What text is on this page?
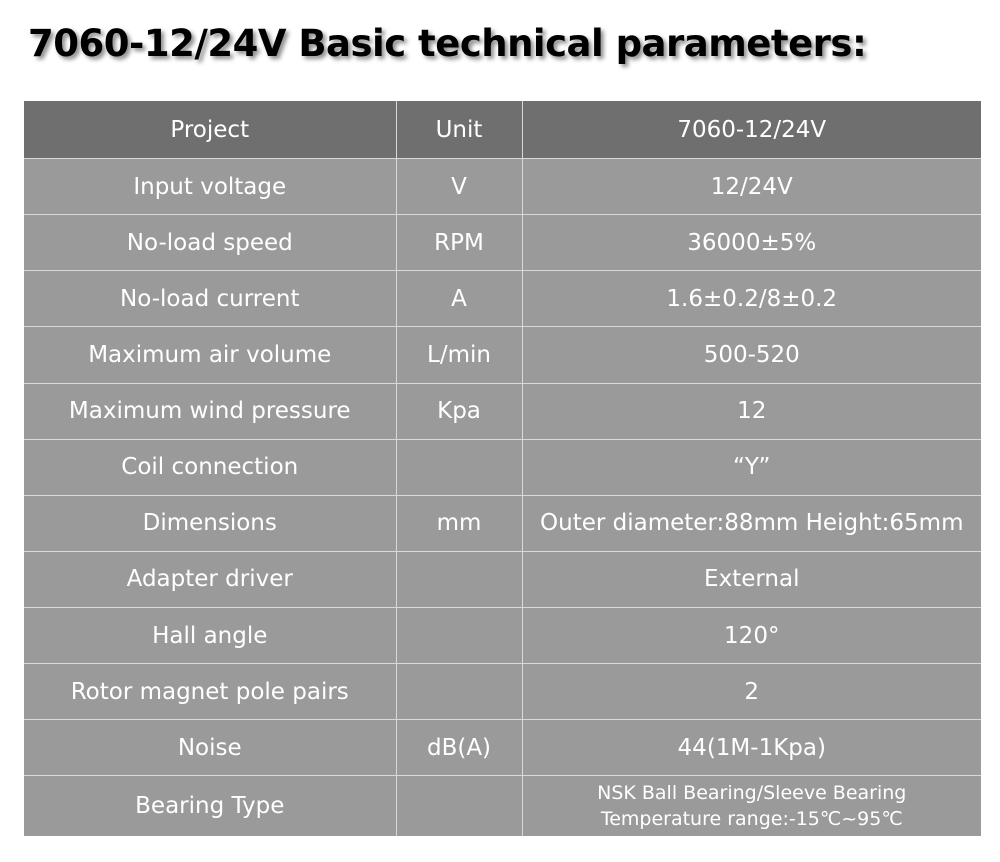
7060-12/24V Basic technical parameters:
Project	Unit	7060-12/24V
Input voltage	V	12/24V
No-load speed	RPM	36000±5%
No-load current	A	1.6±0.2/8±0.2
Maximum air volume	L/min	500-520
Maximum wind pressure	Kpa	12
Coil connection		“Y”
Dimensions	mm	Outer diameter:88mm Height:65mm
Adapter driver		External
Hall angle		120°
Rotor magnet pole pairs		2
Noise	dB(A)	44(1M-1Kpa)
Bearing Type		NSK Ball Bearing/Sleeve Bearing
Temperature range:-15℃~95℃
